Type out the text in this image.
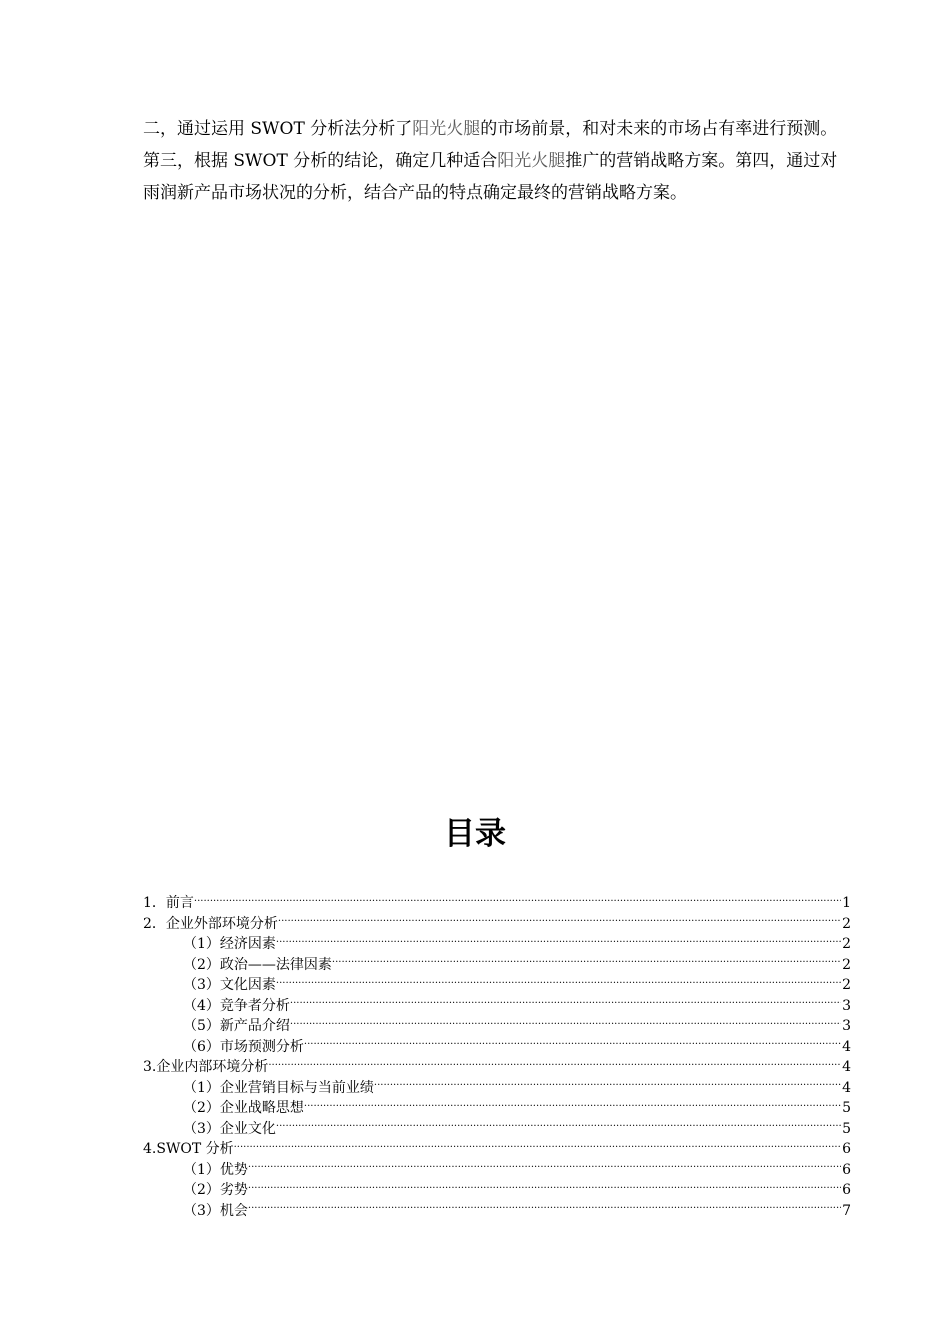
二，通过运用 SWOT 分析法分析了阳光火腿的市场前景，和对未来的市场占有率进行预测。第三，根据 SWOT 分析的结论，确定几种适合阳光火腿推广的营销战略方案。第四，通过对雨润新产品市场状况的分析，结合产品的特点确定最终的营销战略方案。

目录
1．前言 .....	1
2．企业外部环境分析 .....	2
（1）经济因素 .....	2
（2）政治——法律因素 .....	2
（3）文化因素 .....	2
（4）竞争者分析 .....	3
（5）新产品介绍 .....	3
（6）市场预测分析 .....	4
3.企业内部环境分析 .....	4
（1）企业营销目标与当前业绩 .....	4
（2）企业战略思想 .....	5
（3）企业文化 .....	5
4.SWOT 分析 .....	6
（1）优势 .....	6
（2）劣势 .....	6
（3）机会 .....	7
